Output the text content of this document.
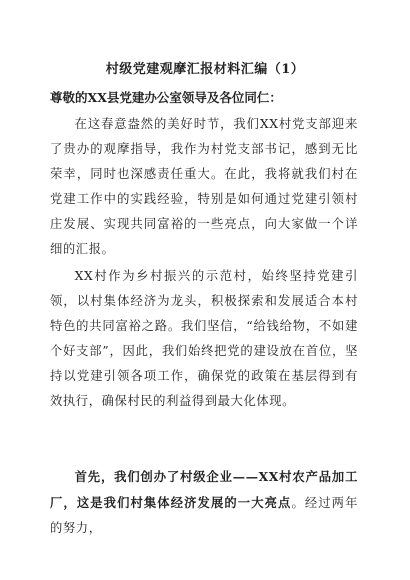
村级党建观摩汇报材料汇编（1）
尊敬的XX县党建办公室领导及各位同仁：

在这春意盎然的美好时节，我们XX村党支部迎来了贵办的观摩指导，我作为村党支部书记，感到无比荣幸，同时也深感责任重大。在此，我将就我们村在党建工作中的实践经验，特别是如何通过党建引领村庄发展、实现共同富裕的一些亮点，向大家做一个详细的汇报。

XX村作为乡村振兴的示范村，始终坚持党建引领，以村集体经济为龙头，积极探索和发展适合本村特色的共同富裕之路。我们坚信，“给钱给物，不如建个好支部”，因此，我们始终把党的建设放在首位，坚持以党建引领各项工作，确保党的政策在基层得到有效执行，确保村民的利益得到最大化体现。

首先，我们创办了村级企业——XX村农产品加工厂，这是我们村集体经济发展的一大亮点。经过两年的努力，
